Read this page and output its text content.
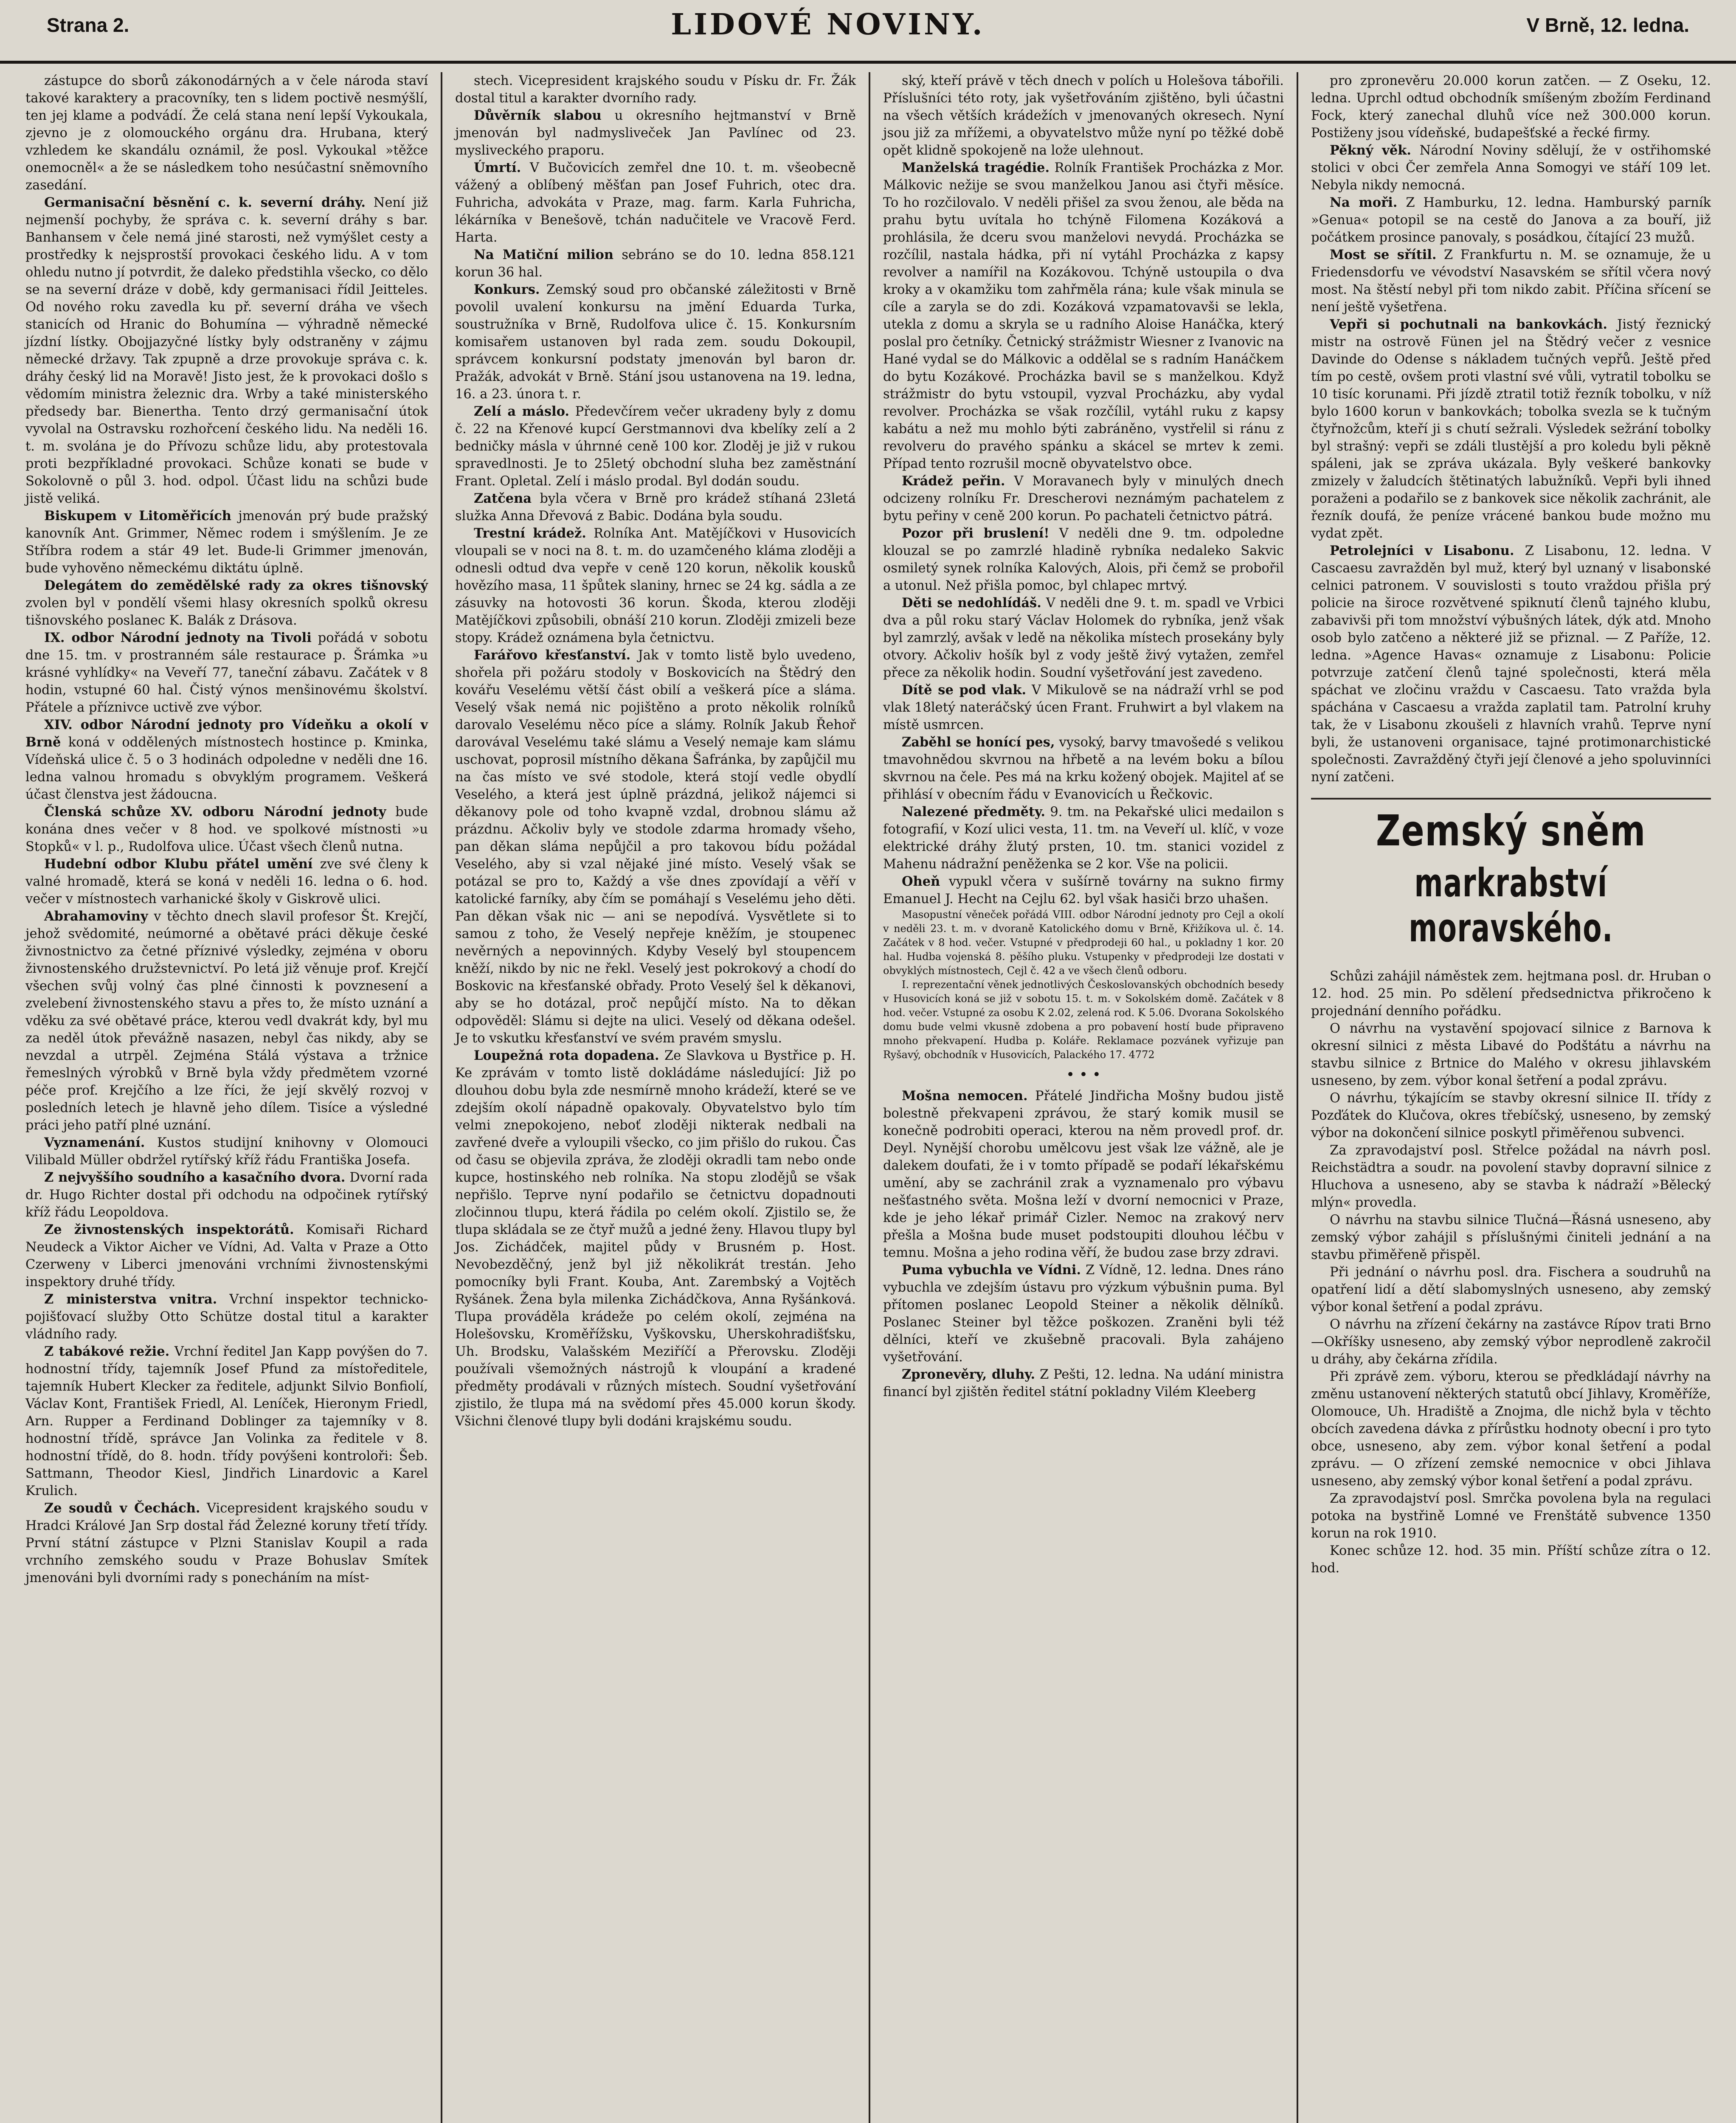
Strana 2.	LIDOVÉ NOVINY.	V Brně, 12. ledna.

zástupce do sborů zákonodárných a v čele národa staví takové karaktery a pracovníky, ten s lidem poctivě nesmýšlí, ten jej klame a podvádí. Že celá stana není lepší Vykoukala, zjevno je z olomouckého orgánu dra. Hrubana, který vzhledem ke skandálu oznámil, že posl. Vykoukal »těžce onemocněl« a že se následkem toho nesúčastní sněmovního zasedání.

Germanisační běsnění c. k. severní dráhy. Není již nejmenší pochyby, že správa c. k. severní dráhy s bar. Banhansem v čele nemá jiné starosti, než vymýšlet cesty a prostředky k nejsprostší provokaci českého lidu. A v tom ohledu nutno jí potvrdit, že daleko předstihla všecko, co dělo se na severní dráze v době, kdy germanisaci řídil Jeitteles. Od nového roku zavedla ku př. severní dráha ve všech stanicích od Hranic do Bohumína — výhradně německé jízdní lístky. Obojjazyčné lístky byly odstraněny v zájmu německé državy. Tak zpupně a drze provokuje správa c. k. dráhy český lid na Moravě! Jisto jest, že k provokaci došlo s vědomím ministra železnic dra. Wrby a také ministerského předsedy bar. Bienertha. Tento drzý germanisační útok vyvolal na Ostravsku rozhořcení českého lidu. Na neděli 16. t. m. svolána je do Přívozu schůze lidu, aby protestovala proti bezpříkladné provokaci. Schůze konati se bude v Sokolovně o půl 3. hod. odpol. Účast lidu na schůzi bude jistě veliká.

Biskupem v Litoměřicích jmenován prý bude pražský kanovník Ant. Grimmer, Němec rodem i smýšlením. Je ze Stříbra rodem a stár 49 let. Bude-li Grimmer jmenován, bude vyhověno německému diktátu úplně.

Delegátem do zemědělské rady za okres tišnovský zvolen byl v pondělí všemi hlasy okresních spolků okresu tišnovského poslanec K. Balák z Drásova.

IX. odbor Národní jednoty na Tivoli pořádá v sobotu dne 15. tm. v prostranném sále restaurace p. Šrámka »u krásné vyhlídky« na Veveří 77, taneční zábavu. Začátek v 8 hodin, vstupné 60 hal. Čistý výnos menšinovému školství. Přátele a příznivce uctivě zve výbor.

XIV. odbor Národní jednoty pro Vídeňku a okolí v Brně koná v oddělených místnostech hostince p. Kminka, Vídeňská ulice č. 5 o 3 hodinách odpoledne v neděli dne 16. ledna valnou hromadu s obvyklým programem. Veškerá účast členstva jest žádoucna.

Členská schůze XV. odboru Národní jednoty bude konána dnes večer v 8 hod. ve spolkové místnosti »u Stopků« v l. p., Rudolfova ulice. Účast všech členů nutna.

Hudební odbor Klubu přátel umění zve své členy k valné hromadě, která se koná v neděli 16. ledna o 6. hod. večer v místnostech varhanické školy v Giskrově ulici.

Abrahamoviny v těchto dnech slavil profesor Št. Krejčí, jehož svědomité, neúmorné a obětavé práci děkuje české živnostnictvo za četné příznivé výsledky, zejména v oboru živnostenského družstevnictví. Po letá již věnuje prof. Krejčí všechen svůj volný čas plné činnosti k povznesení a zvelebení živnostenského stavu a přes to, že místo uznání a vděku za své obětavé práce, kterou vedl dvakrát kdy, byl mu za neděl útok převážně nasazen, nebyl čas nikdy, aby se nevzdal a utrpěl. Zejména Stálá výstava a tržnice řemeslných výrobků v Brně byla vždy předmětem vzorné péče prof. Krejčího a lze říci, že její skvělý rozvoj v posledních letech je hlavně jeho dílem. Tisíce a výsledné práci jeho patří plné uznání.

Vyznamenání. Kustos studijní knihovny v Olomouci Vilibald Müller obdržel rytířský kříž řádu Františka Josefa.

Z nejvyššího soudního a kasačního dvora. Dvorní rada dr. Hugo Richter dostal při odchodu na odpočinek rytířský kříž řádu Leopoldova.

Ze živnostenských inspektorátů. Komisaři Richard Neudeck a Viktor Aicher ve Vídni, Ad. Valta v Praze a Otto Czerweny v Liberci jmenováni vrchními živnostenskými inspektory druhé třídy.

Z ministerstva vnitra. Vrchní inspektor technicko-pojišťovací služby Otto Schütze dostal titul a karakter vládního rady.

Z tabákové režie. Vrchní ředitel Jan Kapp povýšen do 7. hodnostní třídy, tajemník Josef Pfund za místoředitele, tajemník Hubert Klecker za ředitele, adjunkt Silvio Bonfiolí, Václav Kont, František Friedl, Al. Leníček, Hieronym Friedl, Arn. Rupper a Ferdinand Doblinger za tajemníky v 8. hodnostní třídě, správce Jan Volinka za ředitele v 8. hodnostní třídě, do 8. hodn. třídy povýšeni kontroloři: Šeb. Sattmann, Theodor Kiesl, Jindřich Linardovic a Karel Krulich.

Ze soudů v Čechách. Vicepresident krajského soudu v Hradci Králové Jan Srp dostal řád Železné koruny třetí třídy. První státní zástupce v Plzni Stanislav Koupil a rada vrchního zemského soudu v Praze Bohuslav Smítek jmenováni byli dvorními rady s ponecháním na míst-

stech. Vicepresident krajského soudu v Písku dr. Fr. Žák dostal titul a karakter dvorního rady.

Důvěrník slabou u okresního hejtmanství v Brně jmenován byl nadmysliveček Jan Pavlínec od 23. mysliveckého praporu.

Úmrtí. V Bučovicích zemřel dne 10. t. m. všeobecně vážený a oblíbený měšťan pan Josef Fuhrich, otec dra. Fuhricha, advokáta v Praze, mag. farm. Karla Fuhricha, lékárníka v Benešově, tchán nadučitele ve Vracově Ferd. Harta.

Na Matiční milion sebráno se do 10. ledna 858.121 korun 36 hal.

Konkurs. Zemský soud pro občanské záležitosti v Brně povolil uvalení konkursu na jmění Eduarda Turka, soustružníka v Brně, Rudolfova ulice č. 15. Konkursním komisařem ustanoven byl rada zem. soudu Dokoupil, správcem konkursní podstaty jmenován byl baron dr. Pražák, advokát v Brně. Stání jsou ustanovena na 19. ledna, 16. a 23. února t. r.

Zelí a máslo. Předevčírem večer ukradeny byly z domu č. 22 na Křenové kupcí Gerstmannovi dva kbelíky zelí a 2 bedničky másla v úhrnné ceně 100 kor. Zloděj je již v rukou spravedlnosti. Je to 25letý obchodní sluha bez zaměstnání Frant. Opletal. Zelí i máslo prodal. Byl dodán soudu.

Zatčena byla včera v Brně pro krádež stíhaná 23letá služka Anna Dřevová z Babic. Dodána byla soudu.

Trestní krádež. Rolníka Ant. Matějíčkovi v Husovicích vloupali se v noci na 8. t. m. do uzamčeného kláma zloději a odnesli odtud dva vepře v ceně 120 korun, několik kousků hovězího masa, 11 špůtek slaniny, hrnec se 24 kg. sádla a ze zásuvky na hotovosti 36 korun. Škoda, kterou zloději Matějíčkovi způsobili, obnáší 210 korun. Zloději zmizeli beze stopy. Krádež oznámena byla četnictvu.

Farářovo křesťanství. Jak v tomto listě bylo uvedeno, shořela při požáru stodoly v Boskovicích na Štědrý den kovářu Veselému větší část obilí a veškerá píce a sláma. Veselý však nemá nic pojištěno a proto několik rolníků darovalo Veselému něco píce a slámy. Rolník Jakub Řehoř darovával Veselému také slámu a Veselý nemaje kam slámu uschovat, poprosil místního děkana Šafránka, by zapůjčil mu na čas místo ve své stodole, která stojí vedle obydlí Veselého, a která jest úplně prázdná, jelikož nájemci si děkanovy pole od toho kvapně vzdal, drobnou slámu až prázdnu. Ačkoliv byly ve stodole zdarma hromady všeho, pan děkan sláma nepůjčil a pro takovou bídu požádal Veselého, aby si vzal nějaké jiné místo. Veselý však se potázal se pro to, Každý a vše dnes zpovídají a věří v katolické farníky, aby čím se pomáhají s Veselému jeho děti. Pan děkan však nic — ani se nepodívá. Vysvětlete si to samou z toho, že Veselý nepřeje kněžím, je stoupenec nevěrných a nepovinných. Kdyby Veselý byl stoupencem kněží, nikdo by nic ne řekl. Veselý jest pokrokový a chodí do Boskovic na křesťanské obřady. Proto Veselý šel k děkanovi, aby se ho dotázal, proč nepůjčí místo. Na to děkan odpověděl: Slámu si dejte na ulici. Veselý od děkana odešel. Je to vskutku křesťanství ve svém pravém smyslu.

Loupežná rota dopadena. Ze Slavkova u Bystřice p. H. Ke zprávám v tomto listě dokládáme následující: Již po dlouhou dobu byla zde nesmírně mnoho krádeží, které se ve zdejším okolí nápadně opakovaly. Obyvatelstvo bylo tím velmi znepokojeno, neboť zloději nikterak nedbali na zavřené dveře a vyloupili všecko, co jim přišlo do rukou. Čas od času se objevila zpráva, že zloději okradli tam nebo onde kupce, hostinského neb rolníka. Na stopu zlodějů se však nepřišlo. Teprve nyní podařilo se četnictvu dopadnouti zločinnou tlupu, která řádila po celém okolí. Zjistilo se, že tlupa skládala se ze čtyř mužů a jedné ženy. Hlavou tlupy byl Jos. Zichádček, majitel půdy v Brusném p. Host. Nevobezděčný, jenž byl již několikrát trestán. Jeho pomocníky byli Frant. Kouba, Ant. Zarembský a Vojtěch Ryšánek. Žena byla milenka Zichádčkova, Anna Ryšánková. Tlupa prováděla krádeže po celém okolí, zejména na Holešovsku, Kroměřížsku, Vyškovsku, Uherskohradišťsku, Uh. Brodsku, Valašském Meziříčí a Přerovsku. Zloději používali všemožných nástrojů k vloupání a kradené předměty prodávali v různých místech. Soudní vyšetřování zjistilo, že tlupa má na svědomí přes 45.000 korun škody. Všichni členové tlupy byli dodáni krajskému soudu.

ský, kteří právě v těch dnech v polích u Holešova tábořili. Příslušníci této roty, jak vyšetřováním zjištěno, byli účastni na všech větších krádežích v jmenovaných okresech. Nyní jsou již za mřížemi, a obyvatelstvo může nyní po těžké době opět klidně spokojeně na lože ulehnout.

Manželská tragédie. Rolník František Procházka z Mor. Málkovic nežije se svou manželkou Janou asi čtyři měsíce. To ho rozčilovalo. V neděli přišel za svou ženou, ale běda na prahu bytu uvítala ho tchýně Filomena Kozáková a prohlásila, že dceru svou manželovi nevydá. Procházka se rozčílil, nastala hádka, při ní vytáhl Procházka z kapsy revolver a namířil na Kozákovou. Tchýně ustoupila o dva kroky a v okamžiku tom zahřměla rána; kule však minula se cíle a zaryla se do zdi. Kozáková vzpamatovavši se lekla, utekla z domu a skryla se u radního Aloise Hanáčka, který poslal pro četníky. Četnický strážmistr Wiesner z Ivanovic na Hané vydal se do Málkovic a oddělal se s radním Hanáčkem do bytu Kozákové. Procházka bavil se s manželkou. Když strážmistr do bytu vstoupil, vyzval Procházku, aby vydal revolver. Procházka se však rozčílil, vytáhl ruku z kapsy kabátu a než mu mohlo býti zabráněno, vystřelil si ránu z revolveru do pravého spánku a skácel se mrtev k zemi. Případ tento rozrušil mocně obyvatelstvo obce.

Krádež peřin. V Moravanech byly v minulých dnech odcizeny rolníku Fr. Drescherovi neznámým pachatelem z bytu peřiny v ceně 200 korun. Po pachateli četnictvo pátrá.

Pozor při bruslení! V neděli dne 9. tm. odpoledne klouzal se po zamrzlé hladině rybníka nedaleko Sakvic osmiletý synek rolníka Kalových, Alois, při čemž se probořil a utonul. Než přišla pomoc, byl chlapec mrtvý.

Děti se nedohlídáš. V neděli dne 9. t. m. spadl ve Vrbici dva a půl roku starý Václav Holomek do rybníka, jenž však byl zamrzlý, avšak v ledě na několika místech prosekány byly otvory. Ačkoliv hošík byl z vody ještě živý vytažen, zemřel přece za několik hodin. Soudní vyšetřování jest zavedeno.

Dítě se pod vlak. V Mikulově se na nádraží vrhl se pod vlak 18letý nateráčský úcen Frant. Fruhwirt a byl vlakem na místě usmrcen.

Zaběhl se honící pes, vysoký, barvy tmavošedé s velikou tmavohnědou skvrnou na hřbetě a na levém boku a bílou skvrnou na čele. Pes má na krku kožený obojek. Majitel ať se přihlásí v obecním řádu v Evanovicích u Řečkovic.

Nalezené předměty. 9. tm. na Pekařské ulici medailon s fotografií, v Kozí ulici vesta, 11. tm. na Veveří ul. klíč, v voze elektrické dráhy žlutý prsten, 10. tm. stanici vozidel z Mahenu nádražní peněženka se 2 kor. Vše na policii.

Oheň vypukl včera v sušírně továrny na sukno firmy Emanuel J. Hecht na Cejlu 62. byl však hasiči brzo uhašen.

Masopustní věneček pořádá VIII. odbor Národní jednoty pro Cejl a okolí v neděli 23. t. m. v dvoraně Katolického domu v Brně, Křižíkova ul. č. 14. Začátek v 8 hod. večer. Vstupné v předprodeji 60 hal., u pokladny 1 kor. 20 hal. Hudba vojenská 8. pěšího pluku. Vstupenky v předprodeji lze dostati v obvyklých místnostech, Cejl č. 42 a ve všech členů odboru.

I. reprezentační věnek jednotlivých Českoslovanských obchodních besedy v Husovicích koná se již v sobotu 15. t. m. v Sokolském domě. Začátek v 8 hod. večer. Vstupné za osobu K 2.02, zelená rod. K 5.06. Dvorana Sokolského domu bude velmi vkusně zdobena a pro pobavení hostí bude připraveno mnoho překvapení. Hudba p. Koláře. Reklamace pozvánek vyřizuje pan Ryšavý, obchodník v Husovicích, Palackého 17. 4772

• • •

Mošna nemocen. Přátelé Jindřicha Mošny budou jistě bolestně překvapeni zprávou, že starý komik musil se konečně podrobiti operaci, kterou na něm provedl prof. dr. Deyl. Nynější chorobu umělcovu jest však lze vážně, ale je dalekem doufati, že i v tomto případě se podaří lékařskému umění, aby se zachránil zrak a vyznamenalo pro výbavu nešťastného světa. Mošna leží v dvorní nemocnici v Praze, kde je jeho lékař primář Cizler. Nemoc na zrakový nerv přešla a Mošna bude muset podstoupiti dlouhou léčbu v temnu. Mošna a jeho rodina věří, že budou zase brzy zdravi.

Puma vybuchla ve Vídni. Z Vídně, 12. ledna. Dnes ráno vybuchla ve zdejším ústavu pro výzkum výbušnin puma. Byl přítomen poslanec Leopold Steiner a několik dělníků. Poslanec Steiner byl těžce poškozen. Zraněni byli též dělníci, kteří ve zkušebně pracovali. Byla zahájeno vyšetřování.

Zpronevěry, dluhy. Z Pešti, 12. ledna. Na udání ministra financí byl zjištěn ředitel státní pokladny Vilém Kleeberg

pro zpronevěru 20.000 korun zatčen. — Z Oseku, 12. ledna. Uprchl odtud obchodník smíšeným zbožím Ferdinand Fock, který zanechal dluhů více než 300.000 korun. Postiženy jsou vídeňské, budapešťské a řecké firmy.

Pěkný věk. Národní Noviny sdělují, že v ostřihomské stolici v obci Čer zemřela Anna Somogyi ve stáří 109 let. Nebyla nikdy nemocná.

Na moři. Z Hamburku, 12. ledna. Hamburský parník »Genua« potopil se na cestě do Janova a za bouří, již počátkem prosince panovaly, s posádkou, čítající 23 mužů.

Most se sřítil. Z Frankfurtu n. M. se oznamuje, že u Friedensdorfu ve vévodství Nasavském se sřítil včera nový most. Na štěstí nebyl při tom nikdo zabit. Příčina sřícení se není ještě vyšetřena.

Vepři si pochutnali na bankovkách. Jistý řeznický mistr na ostrově Fünen jel na Štědrý večer z vesnice Davinde do Odense s nákladem tučných vepřů. Ještě před tím po cestě, ovšem proti vlastní své vůli, vytratil tobolku se 10 tisíc korunami. Při jízdě ztratil totiž řezník tobolku, v níž bylo 1600 korun v bankovkách; tobolka svezla se k tučným čtyřnožcům, kteří ji s chutí sežrali. Výsledek sežrání tobolky byl strašný: vepři se zdáli tlustější a pro koledu byli pěkně spáleni, jak se zpráva ukázala. Byly veškeré bankovky zmizely v žaludcích štětinatých labužníků. Vepři byli ihned poraženi a podařilo se z bankovek sice několik zachránit, ale řezník doufá, že peníze vrácené bankou bude možno mu vydat zpět.

Petrolejníci v Lisabonu. Z Lisabonu, 12. ledna. V Cascaesu zavražděn byl muž, který byl uznaný v lisabonské celnici patronem. V souvislosti s touto vraždou přišla prý policie na široce rozvětvené spiknutí členů tajného klubu, zabavivši při tom množství výbušných látek, dýk atd. Mnoho osob bylo zatčeno a některé již se přiznal. — Z Paříže, 12. ledna. »Agence Havas« oznamuje z Lisabonu: Policie potvrzuje zatčení členů tajné společnosti, která měla spáchat ve zločinu vraždu v Cascaesu. Tato vražda byla spáchána v Cascaesu a vražda zaplatil tam. Patrolní kruhy tak, že v Lisabonu zkoušeli z hlavních vrahů. Teprve nyní byli, že ustanoveni organisace, tajné protimonarchistické společnosti. Zavražděný čtyři její členové a jeho spoluvinníci nyní zatčeni.

Zemský sněm

markrabství moravského.

Schůzi zahájil náměstek zem. hejtmana posl. dr. Hruban o 12. hod. 25 min. Po sdělení předsednictva přikročeno k projednání denního pořádku.

O návrhu na vystavění spojovací silnice z Barnova k okresní silnici z města Libavé do Podštátu a návrhu na stavbu silnice z Brtnice do Malého v okresu jihlavském usneseno, by zem. výbor konal šetření a podal zprávu.

O návrhu, týkajícím se stavby okresní silnice II. třídy z Pozďátek do Klučova, okres třebíčský, usneseno, by zemský výbor na dokončení silnice poskytl přiměřenou subvenci.

Za zpravodajství posl. Střelce požádal na návrh posl. Reichstädtra a soudr. na povolení stavby dopravní silnice z Hluchova a usneseno, aby se stavba k nádraží »Bělecký mlýn« provedla.

O návrhu na stavbu silnice Tlučná—Řásná usneseno, aby zemský výbor zahájil s příslušnými činiteli jednání a na stavbu přiměřeně přispěl.

Při jednání o návrhu posl. dra. Fischera a soudruhů na opatření lidí a dětí slabomyslných usneseno, aby zemský výbor konal šetření a podal zprávu.

O návrhu na zřízení čekárny na zastávce Rípov trati Brno—Okříšky usneseno, aby zemský výbor neprodleně zakročil u dráhy, aby čekárna zřídila.

Při zprávě zem. výboru, kterou se předkládají návrhy na změnu ustanovení některých statutů obcí Jihlavy, Kroměříže, Olomouce, Uh. Hradiště a Znojma, dle nichž byla v těchto obcích zavedena dávka z přírůstku hodnoty obecní i pro tyto obce, usneseno, aby zem. výbor konal šetření a podal zprávu. — O zřízení zemské nemocnice v obci Jihlava usneseno, aby zemský výbor konal šetření a podal zprávu.

Za zpravodajství posl. Smrčka povolena byla na regulaci potoka na bystřině Lomné ve Frenštátě subvence 1350 korun na rok 1910.

Konec schůze 12. hod. 35 min. Příští schůze zítra o 12. hod.
